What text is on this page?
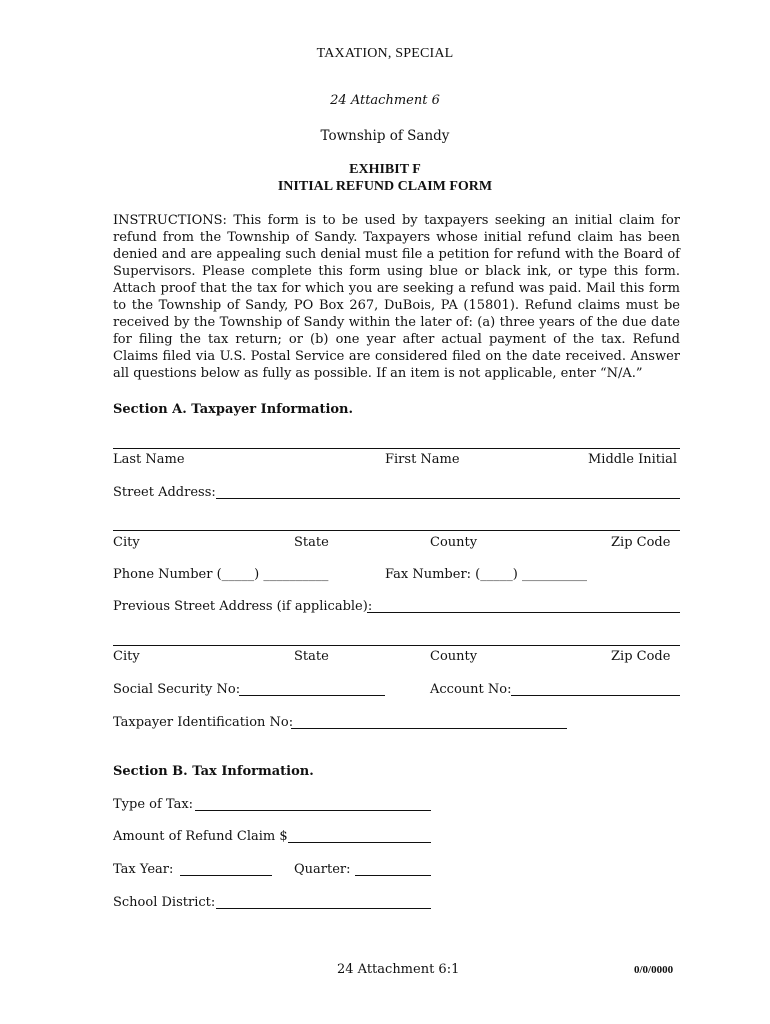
TAXATION, SPECIAL
24 Attachment 6
Township of Sandy
EXHIBIT F
INITIAL REFUND CLAIM FORM
INSTRUCTIONS: This form is to be used by taxpayers seeking an initial claim for refund from the Township of Sandy. Taxpayers whose initial refund claim has been denied and are appealing such denial must file a petition for refund with the Board of Supervisors. Please complete this form using blue or black ink, or type this form. Attach proof that the tax for which you are seeking a refund was paid. Mail this form to the Township of Sandy, PO Box 267, DuBois, PA (15801). Refund claims must be received by the Township of Sandy within the later of: (a) three years of the due date for filing the tax return; or (b) one year after actual payment of the tax. Refund Claims filed via U.S. Postal Service are considered filed on the date received. Answer all questions below as fully as possible. If an item is not applicable, enter “N/A.”
Section A. Taxpayer Information.
Last Name	First Name	Middle Initial
Street Address:
City	State	County	Zip Code
Phone Number (_____) __________	Fax Number: (_____) __________
Previous Street Address (if applicable):
City	State	County	Zip Code
Social Security No:	Account No:
Taxpayer Identification No:
Section B. Tax Information.
Type of Tax:
Amount of Refund Claim $
Tax Year:	Quarter:
School District:
24 Attachment 6:1	0/0/0000
